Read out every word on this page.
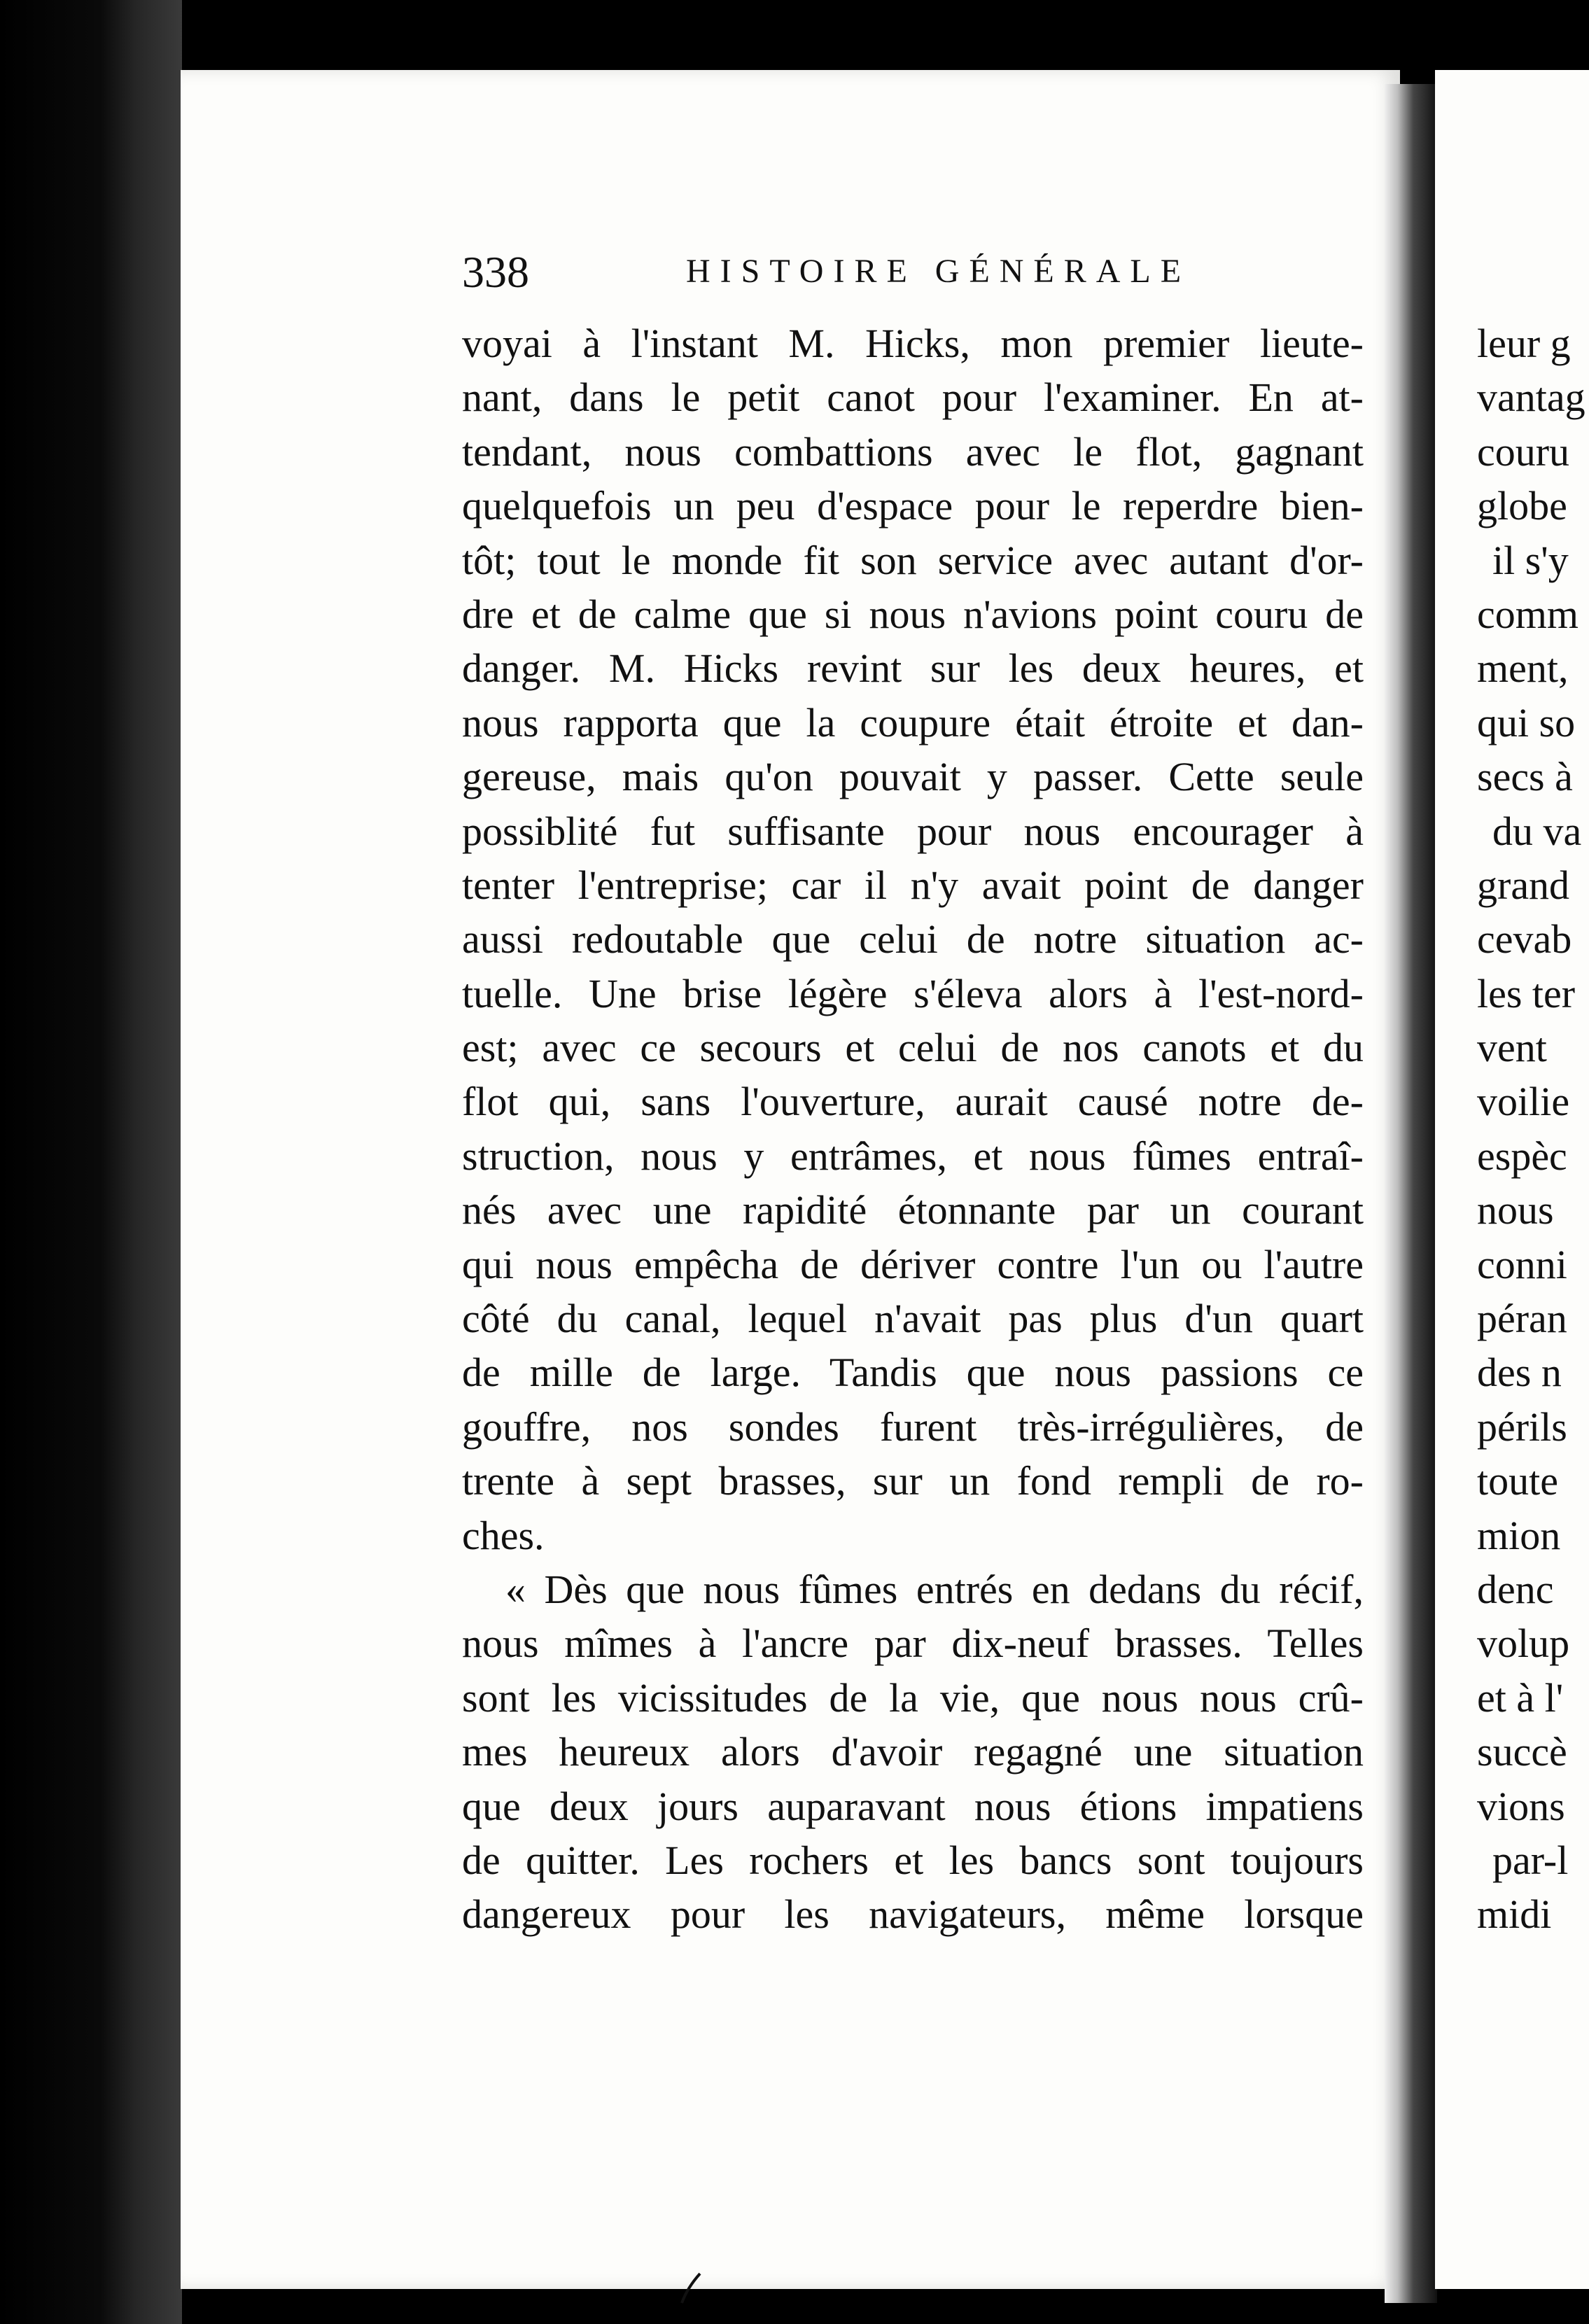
338	HISTOIRE GÉNÉRALE
voyai à l'instant M. Hicks, mon premier lieute-
nant, dans le petit canot pour l'examiner. En at-
tendant, nous combattions avec le flot, gagnant
quelquefois un peu d'espace pour le reperdre bien-
tôt; tout le monde fit son service avec autant d'or-
dre et de calme que si nous n'avions point couru de
danger. M. Hicks revint sur les deux heures, et
nous rapporta que la coupure était étroite et dan-
gereuse, mais qu'on pouvait y passer. Cette seule
possiblité fut suffisante pour nous encourager à
tenter l'entreprise; car il n'y avait point de danger
aussi redoutable que celui de notre situation ac-
tuelle. Une brise légère s'éleva alors à l'est-nord-
est; avec ce secours et celui de nos canots et du
flot qui, sans l'ouverture, aurait causé notre de-
struction, nous y entrâmes, et nous fûmes entraî-
nés avec une rapidité étonnante par un courant
qui nous empêcha de dériver contre l'un ou l'autre
côté du canal, lequel n'avait pas plus d'un quart
de mille de large. Tandis que nous passions ce
gouffre, nos sondes furent très-irrégulières, de
trente à sept brasses, sur un fond rempli de ro-
ches.
« Dès que nous fûmes entrés en dedans du récif,
nous mîmes à l'ancre par dix-neuf brasses. Telles
sont les vicissitudes de la vie, que nous nous crû-
mes heureux alors d'avoir regagné une situation
que deux jours auparavant nous étions impatiens
de quitter. Les rochers et les bancs sont toujours
dangereux pour les navigateurs, même lorsque
leur g
vantag
couru
globe
il s'y
comm
ment,
qui so
secs à
du va
grand
cevab
les ter
vent
voilie
espèc
nous
conni
péran
des n
périls
toute
mion
denc
volup
et à l'
succè
vions
par-l
midi
